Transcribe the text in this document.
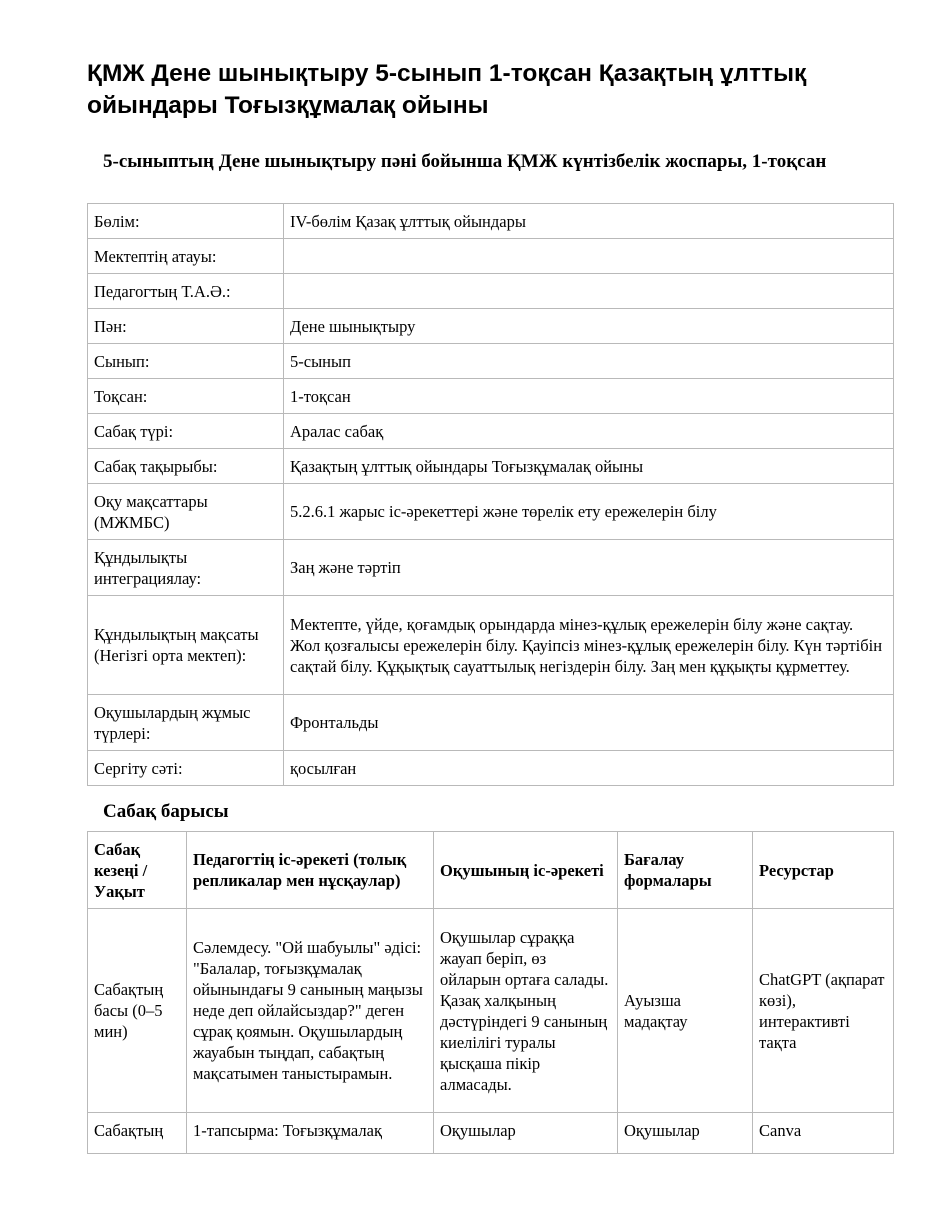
ҚМЖ Дене шынықтыру 5-сынып 1-тоқсан Қазақтың ұлттық ойындары Тоғызқұмалақ ойыны
5-сыныптың Дене шынықтыру пәні бойынша ҚМЖ күнтізбелік жоспары, 1-тоқсан
Бөлім:	IV-бөлім Қазақ ұлттық ойындары
Мектептің атауы:	
Педагогтың Т.А.Ә.:	
Пән:	Дене шынықтыру
Сынып:	5-сынып
Тоқсан:	1-тоқсан
Сабақ түрі:	Аралас сабақ
Сабақ тақырыбы:	Қазақтың ұлттық ойындары Тоғызқұмалақ ойыны
Оқу мақсаттары (МЖМБС)	5.2.6.1 жарыс іс-әрекеттері және төрелік ету ережелерін білу
Құндылықты интеграциялау:	Заң және тәртіп
Құндылықтың мақсаты (Негізгі орта мектеп):	Мектепте, үйде, қоғамдық орындарда мінез-құлық ережелерін білу және сақтау. Жол қозғалысы ережелерін білу. Қауіпсіз мінез-құлық ережелерін білу. Күн тәртібін сақтай білу. Құқықтық сауаттылық негіздерін білу. Заң мен құқықты құрметтеу.
Оқушылардың жұмыс түрлері:	Фронтальды
Сергіту сәті:	қосылған
Сабақ барысы
Сабақ кезеңі / Уақыт	Педагогтің іс-әрекеті (толық репликалар мен нұсқаулар)	Оқушының іс-әрекеті	Бағалау формалары	Ресурстар
Сабақтың басы (0–5 мин)	Сәлемдесу. "Ой шабуылы" әдісі: "Балалар, тоғызқұмалақ ойынындағы 9 санының маңызы неде деп ойлайсыздар?" деген сұрақ қоямын. Оқушылардың жауабын тыңдап, сабақтың мақсатымен таныстырамын.	Оқушылар сұраққа жауап беріп, өз ойларын ортаға салады. Қазақ халқының дәстүріндегі 9 санының киелілігі туралы қысқаша пікір алмасады.	Ауызша мадақтау	ChatGPT (ақпарат көзі), интерактивті тақта
Сабақтың	1-тапсырма: Тоғызқұмалақ	Оқушылар	Оқушылар	Canva
